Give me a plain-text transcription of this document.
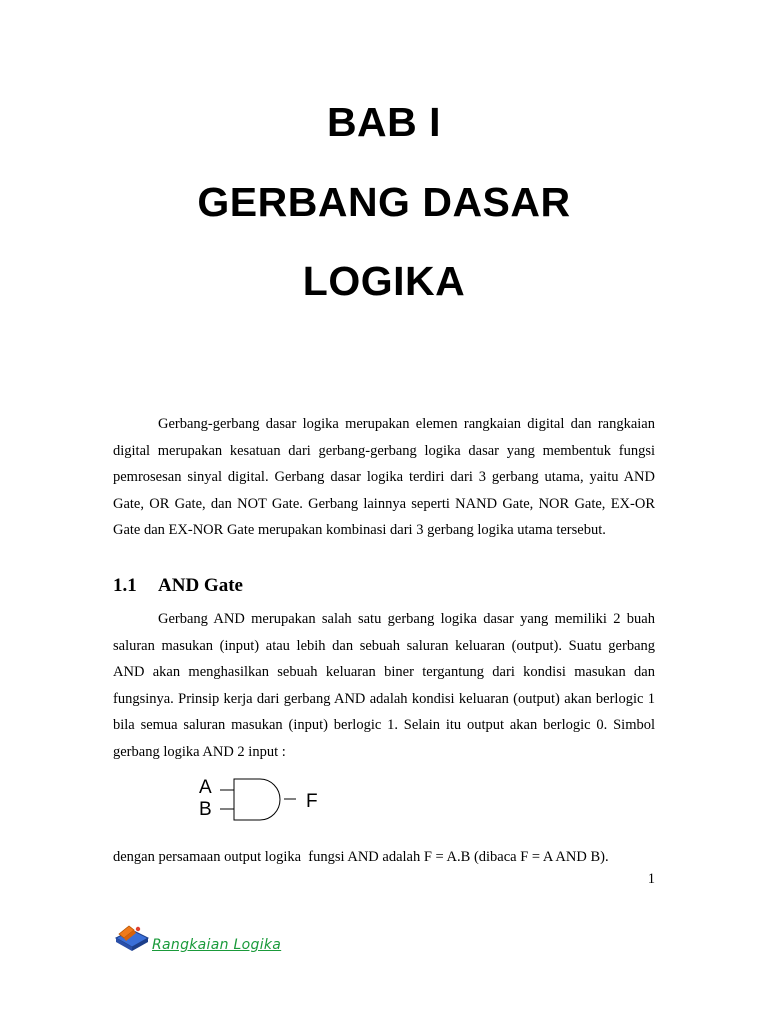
BAB I
GERBANG DASAR
LOGIKA

Gerbang-gerbang dasar logika merupakan elemen rangkaian digital dan rangkaian digital merupakan kesatuan dari gerbang-gerbang logika dasar yang membentuk fungsi pemrosesan sinyal digital. Gerbang dasar logika terdiri dari 3 gerbang utama, yaitu AND Gate, OR Gate, dan NOT Gate. Gerbang lainnya seperti NAND Gate, NOR Gate, EX-OR Gate dan EX-NOR Gate merupakan kombinasi dari 3 gerbang logika utama tersebut.

1.1 AND Gate

Gerbang AND merupakan salah satu gerbang logika dasar yang memiliki 2 buah saluran masukan (input) atau lebih dan sebuah saluran keluaran (output). Suatu gerbang AND akan menghasilkan sebuah keluaran biner tergantung dari kondisi masukan dan fungsinya. Prinsip kerja dari gerbang AND adalah kondisi keluaran (output) akan berlogic 1 bila semua saluran masukan (input) berlogic 1. Selain itu output akan berlogic 0. Simbol gerbang logika AND 2 input :

A
B	F
dengan persamaan output logika  fungsi AND adalah F = A.B (dibaca F = A AND B).
1
Rangkaian Logika
